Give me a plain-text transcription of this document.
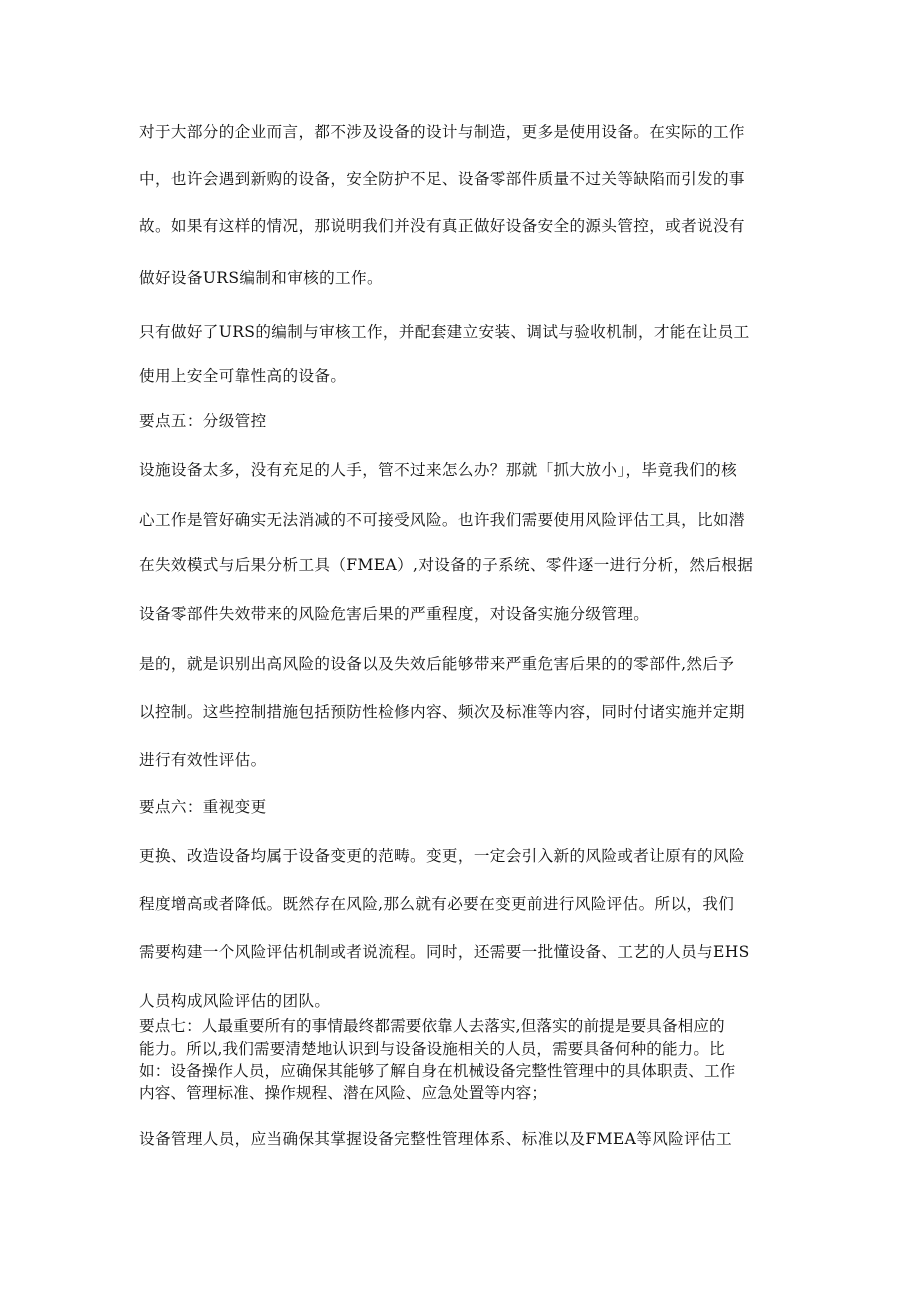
对于大部分的企业而言，都不涉及设备的设计与制造，更多是使用设备。在实际的工作
中，也许会遇到新购的设备，安全防护不足、设备零部件质量不过关等缺陷而引发的事
故。如果有这样的情况，那说明我们并没有真正做好设备安全的源头管控，或者说没有
做好设备URS编制和审核的工作。
只有做好了URS的编制与审核工作，并配套建立安装、调试与验收机制，才能在让员工
使用上安全可靠性高的设备。
要点五：分级管控
设施设备太多，没有充足的人手，管不过来怎么办？那就「抓大放小」，毕竟我们的核
心工作是管好确实无法消减的不可接受风险。也许我们需要使用风险评估工具，比如潜
在失效模式与后果分析工具（FMEA）,对设备的子系统、零件逐一进行分析，然后根据
设备零部件失效带来的风险危害后果的严重程度，对设备实施分级管理。
是的，就是识别出高风险的设备以及失效后能够带来严重危害后果的的零部件,然后予
以控制。这些控制措施包括预防性检修内容、频次及标准等内容，同时付诸实施并定期
进行有效性评估。
要点六：重视变更
更换、改造设备均属于设备变更的范畴。变更，一定会引入新的风险或者让原有的风险
程度增高或者降低。既然存在风险,那么就有必要在变更前进行风险评估。所以，我们
需要构建一个风险评估机制或者说流程。同时，还需要一批懂设备、工艺的人员与EHS
人员构成风险评估的团队。
要点七：人最重要所有的事情最终都需要依靠人去落实,但落实的前提是要具备相应的
能力。所以,我们需要清楚地认识到与设备设施相关的人员，需要具备何种的能力。比
如：设备操作人员，应确保其能够了解自身在机械设备完整性管理中的具体职责、工作
内容、管理标准、操作规程、潜在风险、应急处置等内容；
设备管理人员，应当确保其掌握设备完整性管理体系、标准以及FMEA等风险评估工
